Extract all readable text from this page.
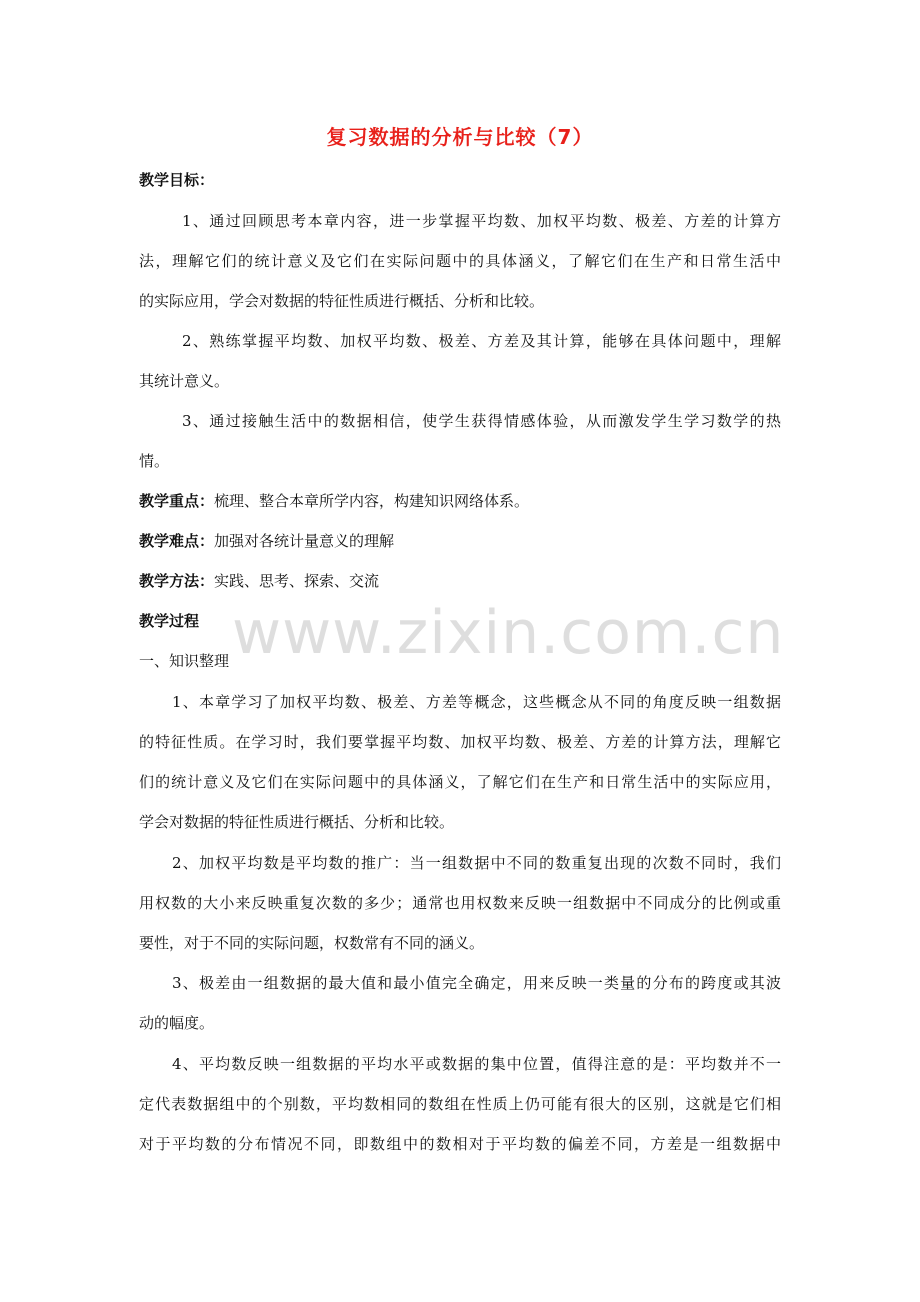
www.zixin.com.cn
复习数据的分析与比较（7）
教学目标：
1、通过回顾思考本章内容，进一步掌握平均数、加权平均数、极差、方差的计算方
法，理解它们的统计意义及它们在实际问题中的具体涵义，了解它们在生产和日常生活中
的实际应用，学会对数据的特征性质进行概括、分析和比较。
2、熟练掌握平均数、加权平均数、极差、方差及其计算，能够在具体问题中，理解
其统计意义。
3、通过接触生活中的数据相信，使学生获得情感体验，从而激发学生学习数学的热
情。
教学重点：梳理、整合本章所学内容，构建知识网络体系。
教学难点：加强对各统计量意义的理解
教学方法：实践、思考、探索、交流
教学过程
一、知识整理
1、本章学习了加权平均数、极差、方差等概念，这些概念从不同的角度反映一组数据
的特征性质。在学习时，我们要掌握平均数、加权平均数、极差、方差的计算方法，理解它
们的统计意义及它们在实际问题中的具体涵义，了解它们在生产和日常生活中的实际应用，
学会对数据的特征性质进行概括、分析和比较。
2、加权平均数是平均数的推广：当一组数据中不同的数重复出现的次数不同时，我们
用权数的大小来反映重复次数的多少；通常也用权数来反映一组数据中不同成分的比例或重
要性，对于不同的实际问题，权数常有不同的涵义。
3、极差由一组数据的最大值和最小值完全确定，用来反映一类量的分布的跨度或其波
动的幅度。
4、平均数反映一组数据的平均水平或数据的集中位置，值得注意的是：平均数并不一
定代表数据组中的个别数，平均数相同的数组在性质上仍可能有很大的区别，这就是它们相
对于平均数的分布情况不同，即数组中的数相对于平均数的偏差不同，方差是一组数据中
